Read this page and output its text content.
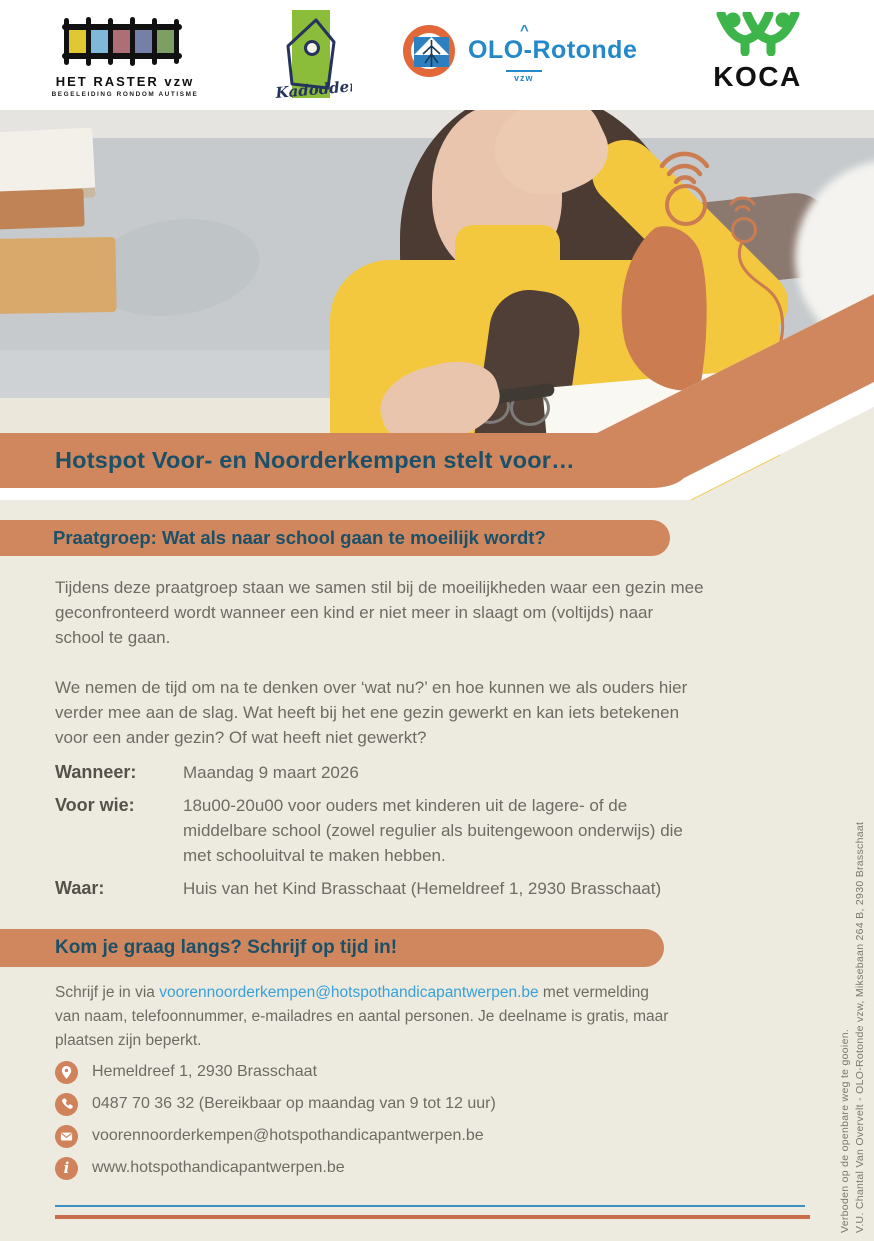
HET RASTER vzw
BEGELEIDING RONDOM AUTISME	Kadodder
^
OLO-Rotonde
vzw	KOCA
Hotspot Voor- en Noorderkempen stelt voor…
Praatgroep: Wat als naar school gaan te moeilijk wordt?
Tijdens deze praatgroep staan we samen stil bij de moeilijkheden waar een gezin mee
geconfronteerd wordt wanneer een kind er niet meer in slaagt om (voltijds) naar
school te gaan.
We nemen de tijd om na te denken over ‘wat nu?’ en hoe kunnen we als ouders hier
verder mee aan de slag. Wat heeft bij het ene gezin gewerkt en kan iets betekenen
voor een ander gezin? Of wat heeft niet gewerkt?
Wanneer:	Maandag 9 maart 2026
Voor wie:	18u00-20u00 voor ouders met kinderen uit de lagere- of de
middelbare school (zowel regulier als buitengewoon onderwijs) die
met schooluitval te maken hebben.
Waar:	Huis van het Kind Brasschaat (Hemeldreef 1, 2930 Brasschaat)
Kom je graag langs? Schrijf op tijd in!
Schrijf je in via voorennoorderkempen@hotspothandicapantwerpen.be met vermelding
van naam, telefoonnummer, e-mailadres en aantal personen. Je deelname is gratis, maar
plaatsen zijn beperkt.
Hemeldreef 1, 2930 Brasschaat
0487 70 36 32 (Bereikbaar op maandag van 9 tot 12 uur)
voorennoorderkempen@hotspothandicapantwerpen.be
i www.hotspothandicapantwerpen.be	Verboden op de openbare weg te gooien. V.U. Chantal Van Overvelt - OLO-Rotonde vzw, Miksebaan 264 B, 2930 Brasschaat
